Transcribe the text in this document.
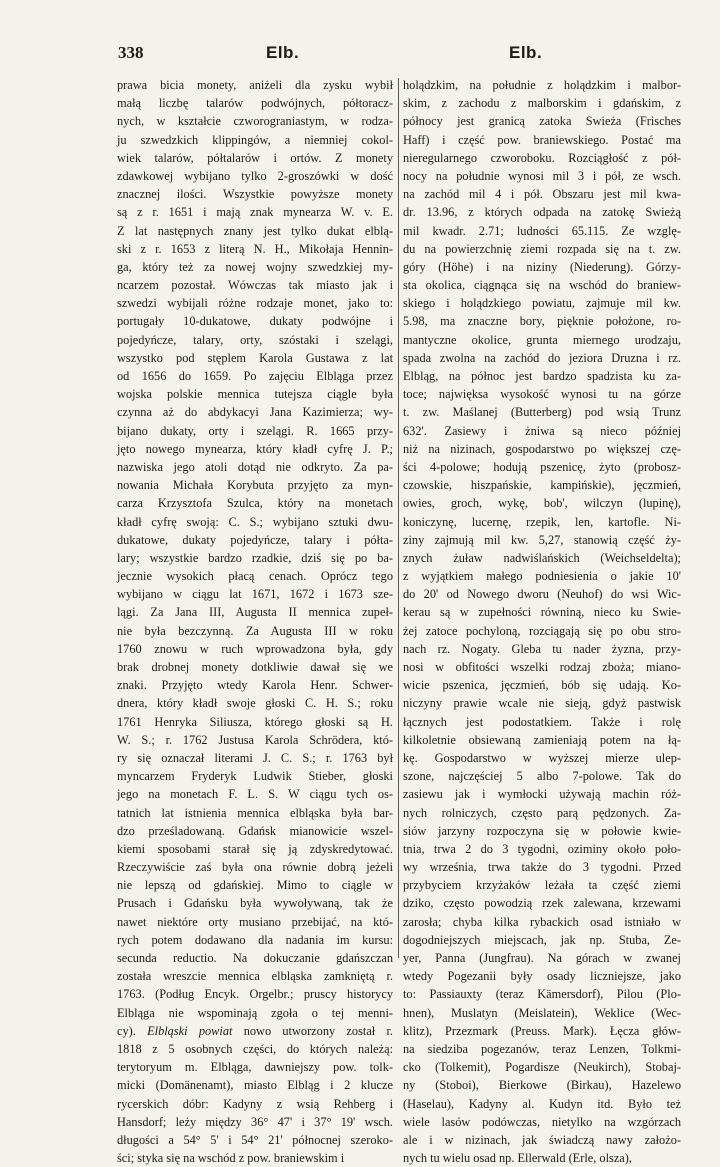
338	Elb.	Elb.
prawa bicia monety, aniżeli dla zysku wybił
małą liczbę talarów podwójnych, półtoracz-
nych, w kształcie czworograniastym, w rodza-
ju szwedzkich klippingów, a niemniej cokol-
wiek talarów, półtalarów i ortów. Z monety
zdawkowej wybijano tylko 2-groszówki w dość
znacznej ilości. Wszystkie powyższe monety
są z r. 1651 i mają znak mynearza W. v. E.
Z lat następnych znany jest tylko dukat elblą-
ski z r. 1653 z literą N. H., Mikołaja Hennin-
ga, który też za nowej wojny szwedzkiej my-
ncarzem pozostał. Wówczas tak miasto jak i
szwedzi wybijali różne rodzaje monet, jako to:
portugały 10-dukatowe, dukaty podwójne i
pojedyńcze, talary, orty, szóstaki i szelągi,
wszystko pod stęplem Karola Gustawa z lat
od 1656 do 1659. Po zajęciu Elbląga przez
wojska polskie mennica tutejsza ciągle była
czynna aż do abdykacyi Jana Kazimierza; wy-
bijano dukaty, orty i szelągi. R. 1665 przy-
jęto nowego mynearza, który kładł cyfrę J. P.;
nazwiska jego atoli dotąd nie odkryto. Za pa-
nowania Michała Korybuta przyjęto za myn-
carza Krzysztofa Szulca, który na monetach
kładł cyfrę swoją: C. S.; wybijano sztuki dwu-
dukatowe, dukaty pojedyńcze, talary i półta-
lary; wszystkie bardzo rzadkie, dziś się po ba-
jecznie wysokich płacą cenach. Oprócz tego
wybijano w ciągu lat 1671, 1672 i 1673 sze-
lągi. Za Jana III, Augusta II mennica zupeł-
nie była bezczynną. Za Augusta III w roku
1760 znowu w ruch wprowadzona była, gdy
brak drobnej monety dotkliwie dawał się we
znaki. Przyjęto wtedy Karola Henr. Schwer-
dnera, który kładł swoje głoski C. H. S.; roku
1761 Henryka Siliusza, którego głoski są H.
W. S.; r. 1762 Justusa Karola Schrödera, któ-
ry się oznaczał literami J. C. S.; r. 1763 był
myncarzem Fryderyk Ludwik Stieber, głoski
jego na monetach F. L. S. W ciągu tych os-
tatnich lat istnienia mennica elbląska była bar-
dzo prześladowaną. Gdańsk mianowicie wszel-
kiemi sposobami starał się ją zdyskredytować.
Rzeczywiście zaś była ona równie dobrą jeżeli
nie lepszą od gdańskiej. Mimo to ciągle w
Prusach i Gdańsku była wywoływaną, tak że
nawet niektóre orty musiano przebijać, na któ-
rych potem dodawano dla nadania im kursu:
secunda reductio. Na dokuczanie gdańszczan
została wreszcie mennica elbląska zamkniętą r.
1763. (Podług Encyk. Orgelbr.; pruscy historycy
Elbląga nie wspominają zgoła o tej menni-
cy). Elbląski powiat nowo utworzony został r.
1818 z 5 osobnych części, do których należą:
terytoryum m. Elbląga, dawniejszy pow. tolk-
micki (Domänenamt), miasto Elbląg i 2 klucze
rycerskich dóbr: Kadyny z wsią Rehberg i
Hansdorf; leży między 36° 47' i 37° 19' wsch.
długości a 54° 5' i 54° 21' północnej szeroko-
ści; styka się na wschód z pow. braniewskim i
holądzkim, na południe z holądzkim i malbor-
skim, z zachodu z malborskim i gdańskim, z
północy jest granicą zatoka Swieża (Frisches
Haff) i część pow. braniewskiego. Postać ma
nieregularnego czworoboku. Rozciągłość z pół-
nocy na południe wynosi mil 3 i pół, ze wsch.
na zachód mil 4 i pół. Obszaru jest mil kwa-
dr. 13.96, z których odpada na zatokę Swieżą
mil kwadr. 2.71; ludności 65.115. Ze wzglę-
du na powierzchnię ziemi rozpada się na t. zw.
góry (Höhe) i na niziny (Niederung). Górzy-
sta okolica, ciągnąca się na wschód do braniew-
skiego i holądzkiego powiatu, zajmuje mil kw.
5.98, ma znaczne bory, pięknie położone, ro-
mantyczne okolice, grunta miernego urodzaju,
spada zwolna na zachód do jeziora Druzna i rz.
Elbląg, na północ jest bardzo spadzista ku za-
toce; najwięksa wysokość wynosi tu na górze
t. zw. Maślanej (Butterberg) pod wsią Trunz
632'. Zasiewy i żniwa są nieco później
niż na nizinach, gospodarstwo po większej czę-
ści 4-polowe; hodują pszenicę, żyto (probosz-
czowskie, hiszpańskie, kampińskie), jęczmień,
owies, groch, wykę, bob', wilczyn (lupinę),
koniczynę, lucernę, rzepik, len, kartofle. Ni-
ziny zajmują mil kw. 5,27, stanowią część ży-
znych żuław nadwiślańskich (Weichseldelta);
z wyjątkiem małego podniesienia o jakie 10'
do 20' od Nowego dworu (Neuhof) do wsi Wic-
kerau są w zupełności równiną, nieco ku Swie-
żej zatoce pochyloną, rozciągają się po obu stro-
nach rz. Nogaty. Gleba tu nader żyzna, przy-
nosi w obfitości wszelki rodzaj zboża; miano-
wicie pszenica, jęczmień, bób się udają. Ko-
niczyny prawie wcale nie sieją, gdyż pastwisk
łącznych jest podostatkiem. Także i rolę
kilkoletnie obsiewaną zamieniają potem na łą-
kę. Gospodarstwo w wyższej mierze ulep-
szone, najczęściej 5 albo 7-polowe. Tak do
zasiewu jak i wymłocki używają machin róż-
nych rolniczych, często parą pędzonych. Za-
siów jarzyny rozpoczyna się w połowie kwie-
tnia, trwa 2 do 3 tygodni, oziminy około poło-
wy września, trwa także do 3 tygodni. Przed
przybyciem krzyżaków leżała ta część ziemi
dziko, często powodzią rzek zalewana, krzewami
zarosła; chyba kilka rybackich osad istniało w
dogodniejszych miejscach, jak np. Stuba, Ze-
yer, Panna (Jungfrau). Na górach w zwanej
wtedy Pogezanii były osady liczniejsze, jako
to: Passiauxty (teraz Kämersdorf), Pilou (Plo-
hnen), Muslatyn (Meislatein), Weklice (Wec-
klitz), Przezmark (Preuss. Mark). Łęcza głów-
na siedziba pogezanów, teraz Lenzen, Tolkmi-
cko (Tolkemit), Pogardisze (Neukirch), Stobaj-
ny (Stoboi), Bierkowe (Birkau), Hazelewo
(Haselau), Kadyny al. Kudyn itd. Było też
wiele lasów podówczas, nietylko na wzgórzach
ale i w nizinach, jak świadczą nawy założo-
nych tu wielu osad np. Ellerwald (Erle, olsza),
